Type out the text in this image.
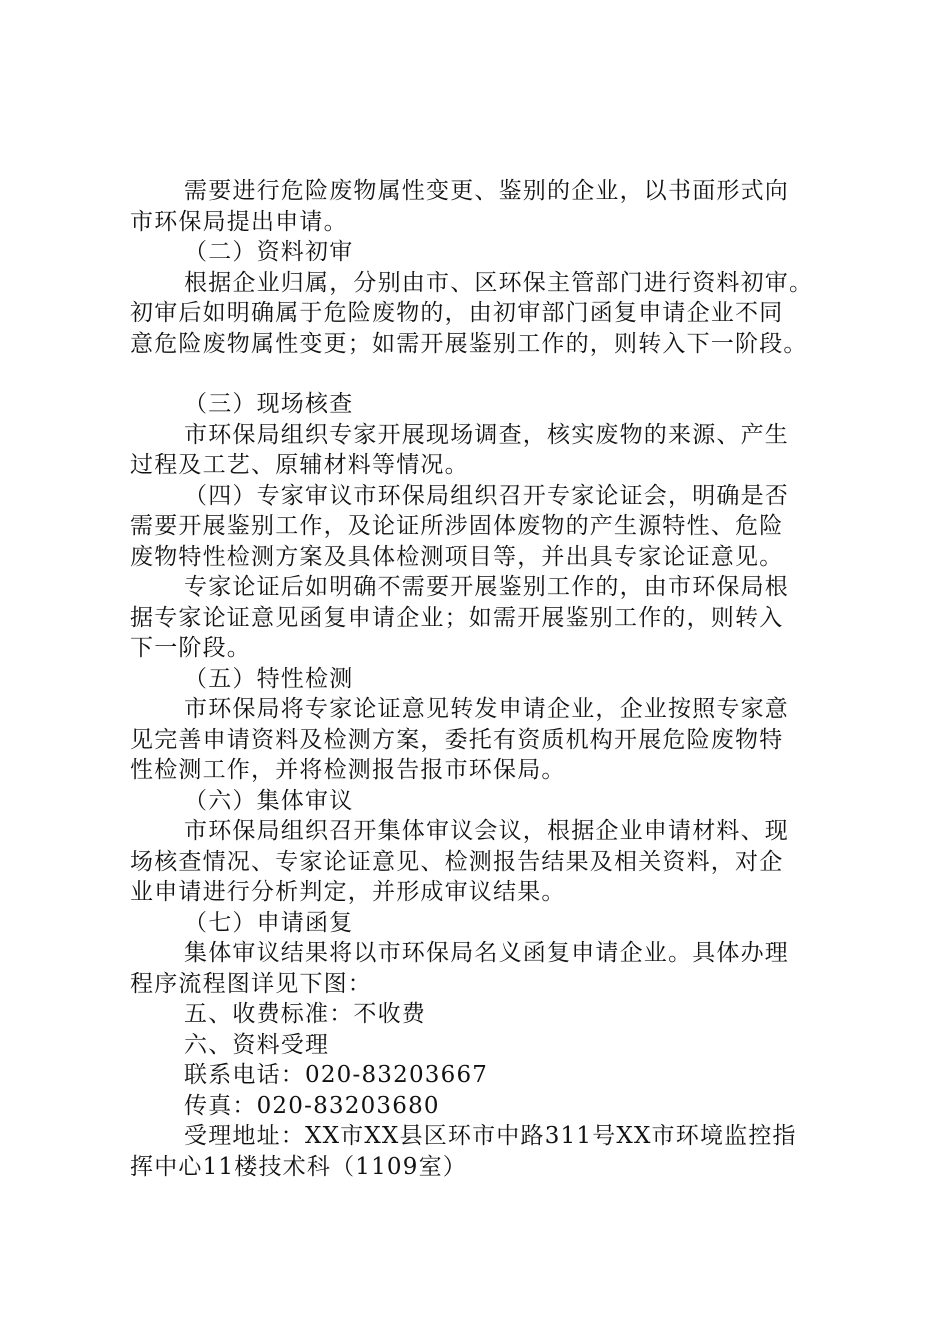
需要进行危险废物属性变更、鉴别的企业，以书面形式向
市环保局提出申请。
（二）资料初审
根据企业归属，分别由市、区环保主管部门进行资料初审。
初审后如明确属于危险废物的，由初审部门函复申请企业不同
意危险废物属性变更；如需开展鉴别工作的，则转入下一阶段。
（三）现场核查
市环保局组织专家开展现场调查，核实废物的来源、产生
过程及工艺、原辅材料等情况。
（四）专家审议市环保局组织召开专家论证会，明确是否
需要开展鉴别工作，及论证所涉固体废物的产生源特性、危险
废物特性检测方案及具体检测项目等，并出具专家论证意见。
专家论证后如明确不需要开展鉴别工作的，由市环保局根
据专家论证意见函复申请企业；如需开展鉴别工作的，则转入
下一阶段。
（五）特性检测
市环保局将专家论证意见转发申请企业，企业按照专家意
见完善申请资料及检测方案，委托有资质机构开展危险废物特
性检测工作，并将检测报告报市环保局。
（六）集体审议
市环保局组织召开集体审议会议，根据企业申请材料、现
场核查情况、专家论证意见、检测报告结果及相关资料，对企
业申请进行分析判定，并形成审议结果。
（七）申请函复
集体审议结果将以市环保局名义函复申请企业。具体办理
程序流程图详见下图：
五、收费标准：不收费
六、资料受理
联系电话：020-83203667
传真：020-83203680
受理地址：XX市XX县区环市中路311号XX市环境监控指
挥中心11楼技术科（1109室）
